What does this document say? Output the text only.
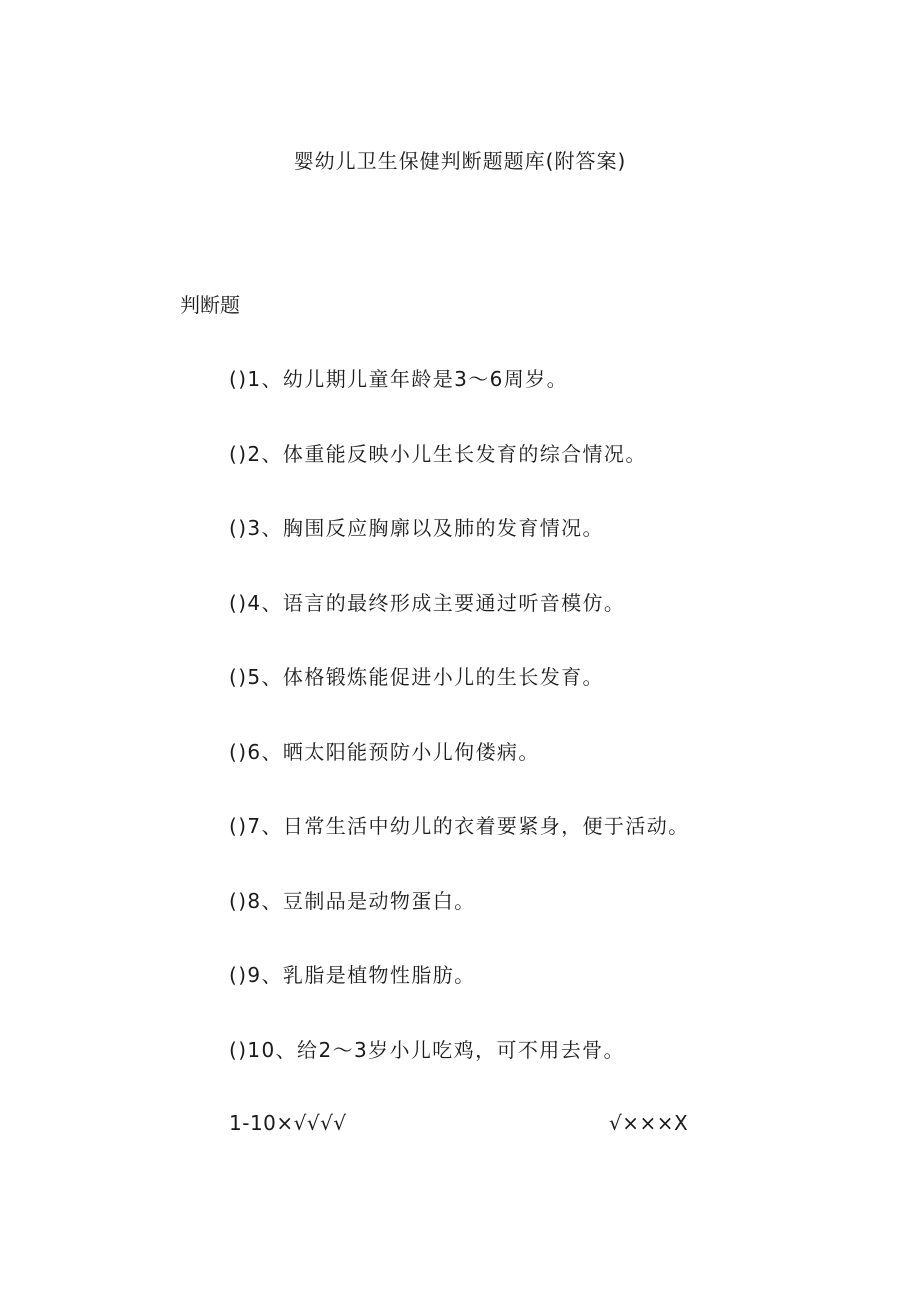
婴幼儿卫生保健判断题题库(附答案)
判断题
()1、幼儿期儿童年龄是3〜6周岁。
()2、体重能反映小儿生长发育的综合情况。
()3、胸围反应胸廓以及肺的发育情况。
()4、语言的最终形成主要通过听音模仿。
()5、体格锻炼能促进小儿的生长发育。
()6、晒太阳能预防小儿佝偻病。
()7、日常生活中幼儿的衣着要紧身，便于活动。
()8、豆制品是动物蛋白。
()9、乳脂是植物性脂肪。
()10、给2〜3岁小儿吃鸡，可不用去骨。
1-10×√√√√	√×××X
